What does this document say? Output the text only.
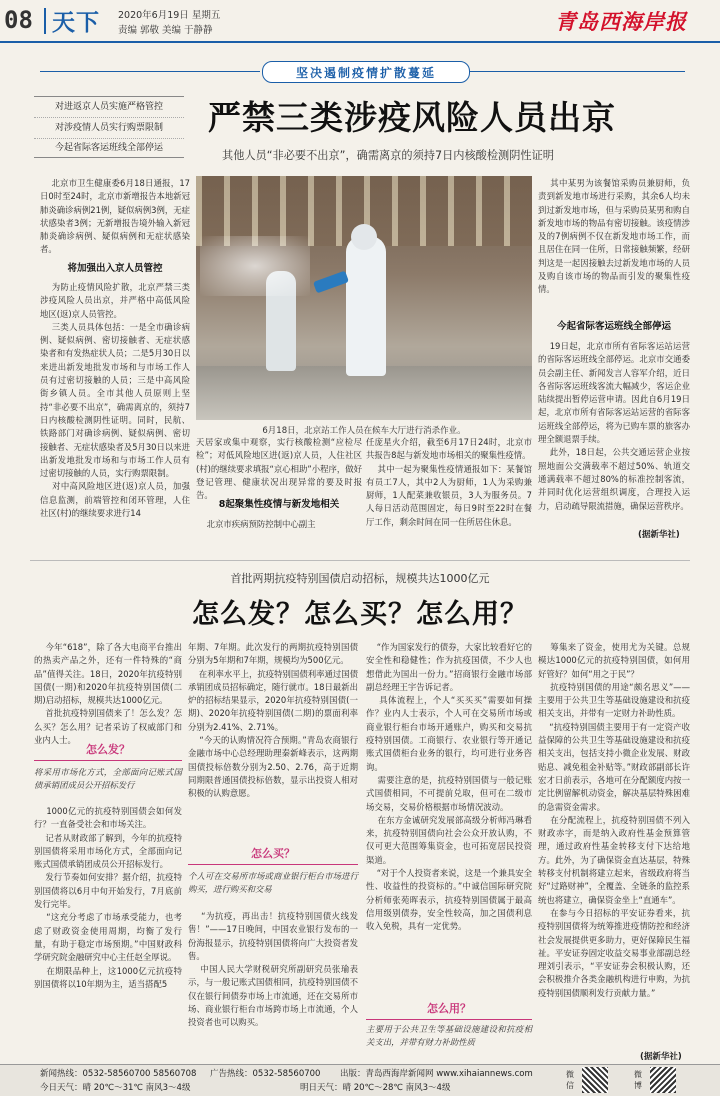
08 天下 2020年6月19日 星期五
责编 郭敬 美编 于静静	青岛西海岸报
坚决遏制疫情扩散蔓延
对进返京人员实施严格管控
对涉疫情人员实行购票限制
今起省际客运班线全部停运
严禁三类涉疫风险人员出京
其他人员“非必要不出京”，确需离京的须持7日内核酸检测阴性证明
北京市卫生健康委6月18日通报，17日0时至24时，北京市新增报告本地新冠肺炎确诊病例21例，疑似病例3例，无症状感染者3例；无新增报告境外输入新冠肺炎确诊病例、疑似病例和无症状感染者。
将加强出入京人员管控
为防止疫情风险扩散，北京严禁三类涉疫风险人员出京，并严格中高低风险地区(返)京人员管控。
三类人员具体包括：一是全市确诊病例、疑似病例、密切接触者、无症状感染者和有发热症状人员；二是5月30日以来进出新发地批发市场和与市场工作人员有过密切接触的人员；三是中高风险街乡镇人员。全市其他人员原则上坚持“非必要不出京”，确需离京的，须持7日内核酸检测阴性证明。同时，民航、铁路部门对确诊病例、疑似病例、密切接触者、无症状感染者及5月30日以来进出新发地批发市场和与市场工作人员有过密切接触的人员，实行购票限制。
对中高风险地区进(返)京人员，加强信息监测，前端管控和闭环管理，人住社区(村)的继续要求进行14
6月18日，北京站工作人员在候车大厅进行消杀作业。
天居家或集中观察，实行核酸检测“应检尽检”；对低风险地区进(返)京人员，人住社区(村)的继续要求填报“京心相助”小程序，做好登记管理、健康状况出现异常的要及时报告。
8起聚集性疫情与新发地相关
北京市疾病预防控制中心副主
任庞星火介绍，截至6月17日24时，北京市共报告8起与新发地市场相关的聚集性疫情。
其中一起为聚集性疫情通报如下：某餐馆有员工7人，其中2人为厨师，1人为采购兼厨师，1人配菜兼收银员，3人为服务员。7人每日活动范围固定，每日9时至22时在餐厅工作，剩余时间在同一住所居住休息。
其中某男为该餐馆采购员兼厨师，负责到新发地市场进行采购，其余6人均未到过新发地市场，但与采购员某男和购自新发地市场的物品有密切接触。该疫情涉及的7例病例不仅在新发地市场工作，而且居住在同一住所，日常接触频繁，经研判这是一起因接触去过新发地市场的人员及购自该市场的物品而引发的聚集性疫情。
今起省际客运班线全部停运
19日起，北京市所有省际客运站运营的省际客运班线全部停运。北京市交通委员会副主任、新闻发言人容军介绍，近日各省际客运班线客流大幅减少，客运企业陆续提出暂停运营申请。因此自6月19日起，北京市所有省际客运站运营的省际客运班线全部停运，将为已购车票的旅客办理全额退票手续。
此外，18日起，公共交通运营企业按照地面公交满载率不超过50%、轨道交通满载率不超过80%的标准控制客流，并同时优化运营组织调度，合理投入运力，启动疏导限流措施，确保运营秩序。
(据新华社)
首批两期抗疫特别国债启动招标，规模共达1000亿元
怎么发？怎么买？怎么用？
今年“618”，除了各大电商平台推出的热卖产品之外，还有一件特殊的“商品”值得关注。18日，2020年抗疫特别国债(一期)和2020年抗疫特别国债(二期)启动招标，规模共达1000亿元。
首批抗疫特别国债来了！怎么发？怎么买？怎么用？记者采访了权威部门和业内人士。
怎么发？
将采用市场化方式，全部面向记账式国债承销团成员公开招标发行
1000亿元的抗疫特别国债会如何发行？一直备受社会和市场关注。
记者从财政部了解到，今年的抗疫特别国债将采用市场化方式，全部面向记账式国债承销团成员公开招标发行。
发行节奏如何安排？据介绍，抗疫特别国债将以6月中旬开始发行，7月底前发行完毕。
“这充分考虑了市场承受能力，也考虑了财政资金使用周期，均衡了发行量，有助于稳定市场预期。”中国财政科学研究院金融研究中心主任赵全厚说。
在期限品种上，这1000亿元抗疫特别国债将以10年期为主，适当搭配5
年期、7年期。此次发行的两期抗疫特别国债分别为5年期和7年期，规模均为500亿元。
在利率水平上，抗疫特别国债利率通过国债承销团成员招标确定，随行就市。18日最新出炉的招标结果显示，2020年抗疫特别国债(一期)、2020年抗疫特别国债(二期)的票面利率分别为2.41%、2.71%。
“今天的认购情况符合预期。”青岛农商银行金融市场中心总经理助理秦新峰表示，这两期国债投标倍数分别为2.50、2.76，高于近期同期限普通国债投标倍数，显示出投资人相对积极的认购意愿。
怎么买？
个人可在交易所市场或商业银行柜台市场进行购买，进行购买和交易
“为抗疫，再出击！抗疫特别国债火线发售！”——17日晚间，中国农业银行发布的一份海报显示，抗疫特别国债将向广大投资者发售。
中国人民大学财税研究所副研究员张瑜表示，与一般记账式国债相同，抗疫特别国债不仅在银行间债券市场上市流通，还在交易所市场、商业银行柜台市场跨市场上市流通，个人投资者也可以购买。
“作为国家发行的债券，大家比较看好它的安全性和稳健性；作为抗疫国债，不少人也想借此为国出一份力。”招商银行金融市场部副总经理王宇告诉记者。
具体流程上，个人“买买买”需要如何操作？业内人士表示，个人可在交易所市场或商业银行柜台市场开通账户，购买和交易抗疫特别国债。工商银行、农业银行等开通记账式国债柜台业务的银行，均可进行业务咨询。
需要注意的是，抗疫特别国债与一般记账式国债相同，不可提前兑取，但可在二级市场交易，交易价格根据市场情况波动。
在东方金诚研究发展部高级分析师冯琳看来，抗疫特别国债向社会公众开放认购，不仅可更大范围筹集资金，也可拓宽居民投资渠道。
“对于个人投资者来说，这是一个兼具安全性、收益性的投资标的。”中诚信国际研究院分析师张苑晖表示，抗疫特别国债属于最高信用级别债券，安全性较高，加之国债利息收入免税，具有一定优势。
怎么用？
主要用于公共卫生等基础设施建设和抗疫相关支出，并带有财力补助性质
筹集来了资金，使用尤为关键。总规模达1000亿元的抗疫特别国债，如何用好管好？如何“用之于民”？
抗疫特别国债的用途“颇名思义”——主要用于公共卫生等基础设施建设和抗疫相关支出，并带有一定财力补助性质。
“抗疫特别国债主要用于有一定资产收益保障的公共卫生等基础设施建设和抗疫相关支出，包括支持小微企业发展、财政贴息、减免租金补贴等。”财政部副部长许宏才日前表示，各地可在分配额度内按一定比例留解机动资金，解决基层特殊困难的急需资金需求。
在分配流程上，抗疫特别国债不列入财政赤字，而是纳入政府性基金预算管理，通过政府性基金转移支付下达给地方。此外，为了确保资金直达基层，特殊转移支付机制将建立起来，省级政府将当好“过路财神”，全覆盖、全链条的监控系统也将建立，确保资金坐上“直通车”。
在参与今日招标的平安证券看来，抗疫特别国债将为统筹推进疫情防控和经济社会发展提供更多助力，更好保障民生福祉。平安证券固定收益交易事业部副总经理刘引表示，“平安证券会积极认购，还会积极推介各类金融机构进行申购，为抗疫特别国债顺利发行贡献力量。”
(据新华社)
新闻热线：0532-58560700 58560708 广告热线：0532-58560700 出版：青岛西海岸新闻网 www.xihaiannews.com
今日天气：晴 20℃～31℃ 南风3～4级	明日天气：晴 20℃～28℃ 南风3～4级
微信
微博
